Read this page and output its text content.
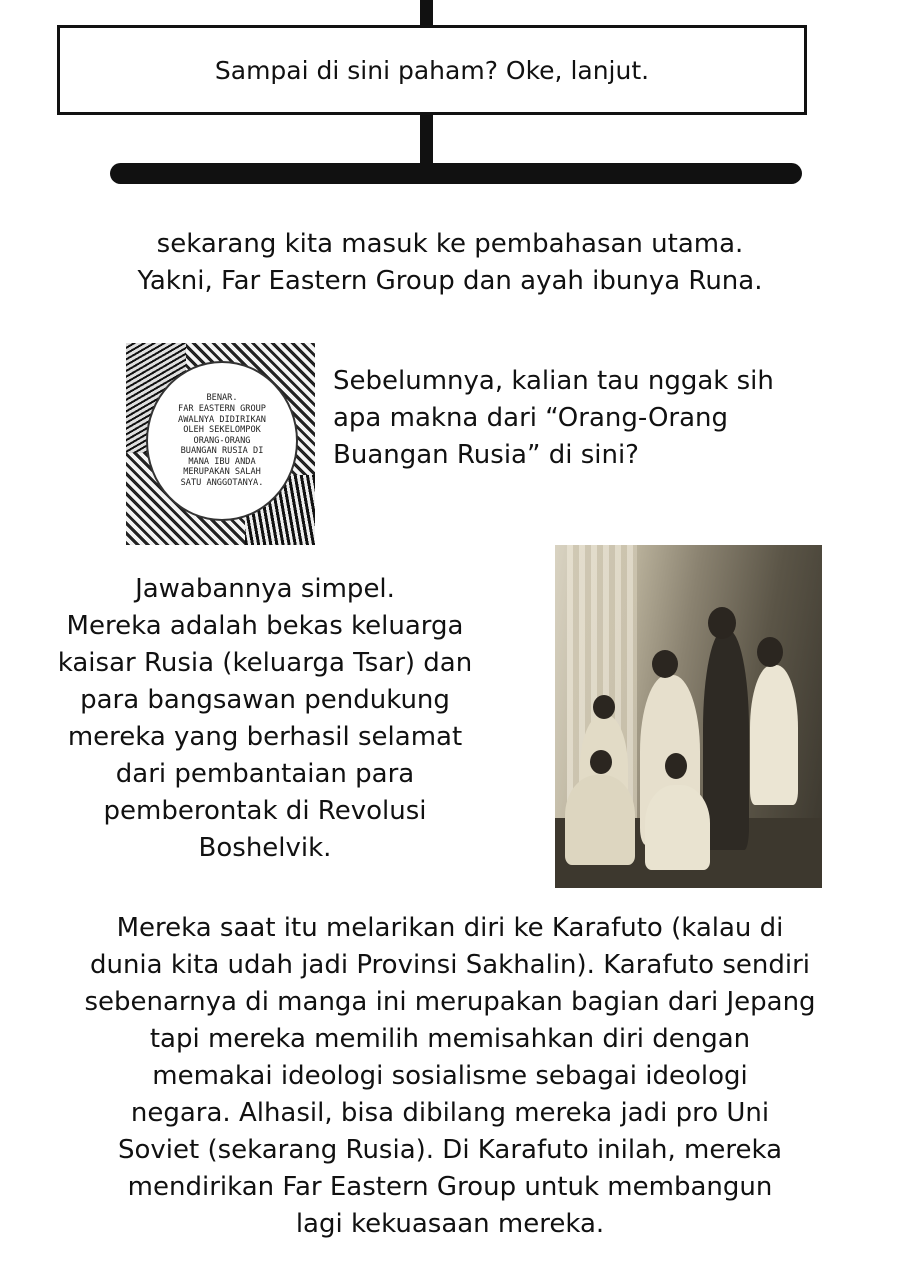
Sampai di sini paham? Oke, lanjut.
sekarang kita masuk ke pembahasan utama.
Yakni, Far Eastern Group dan ayah ibunya Runa.
BENAR.
FAR EASTERN GROUP
AWALNYA DIDIRIKAN
OLEH SEKELOMPOK
ORANG-ORANG
BUANGAN RUSIA DI
MANA IBU ANDA
MERUPAKAN SALAH
SATU ANGGOTANYA.
Sebelumnya, kalian tau nggak sih
apa makna dari “Orang-Orang
Buangan Rusia” di sini?
Jawabannya simpel.
Mereka adalah bekas keluarga
kaisar Rusia (keluarga Tsar) dan
para bangsawan pendukung
mereka yang berhasil selamat
dari pembantaian para
pemberontak di Revolusi
Boshelvik.
Mereka saat itu melarikan diri ke Karafuto (kalau di
dunia kita udah jadi Provinsi Sakhalin). Karafuto sendiri
sebenarnya di manga ini merupakan bagian dari Jepang
tapi mereka memilih memisahkan diri dengan
memakai ideologi sosialisme sebagai ideologi
negara. Alhasil, bisa dibilang mereka jadi pro Uni
Soviet (sekarang Rusia). Di Karafuto inilah, mereka
mendirikan Far Eastern Group untuk membangun
lagi kekuasaan mereka.
